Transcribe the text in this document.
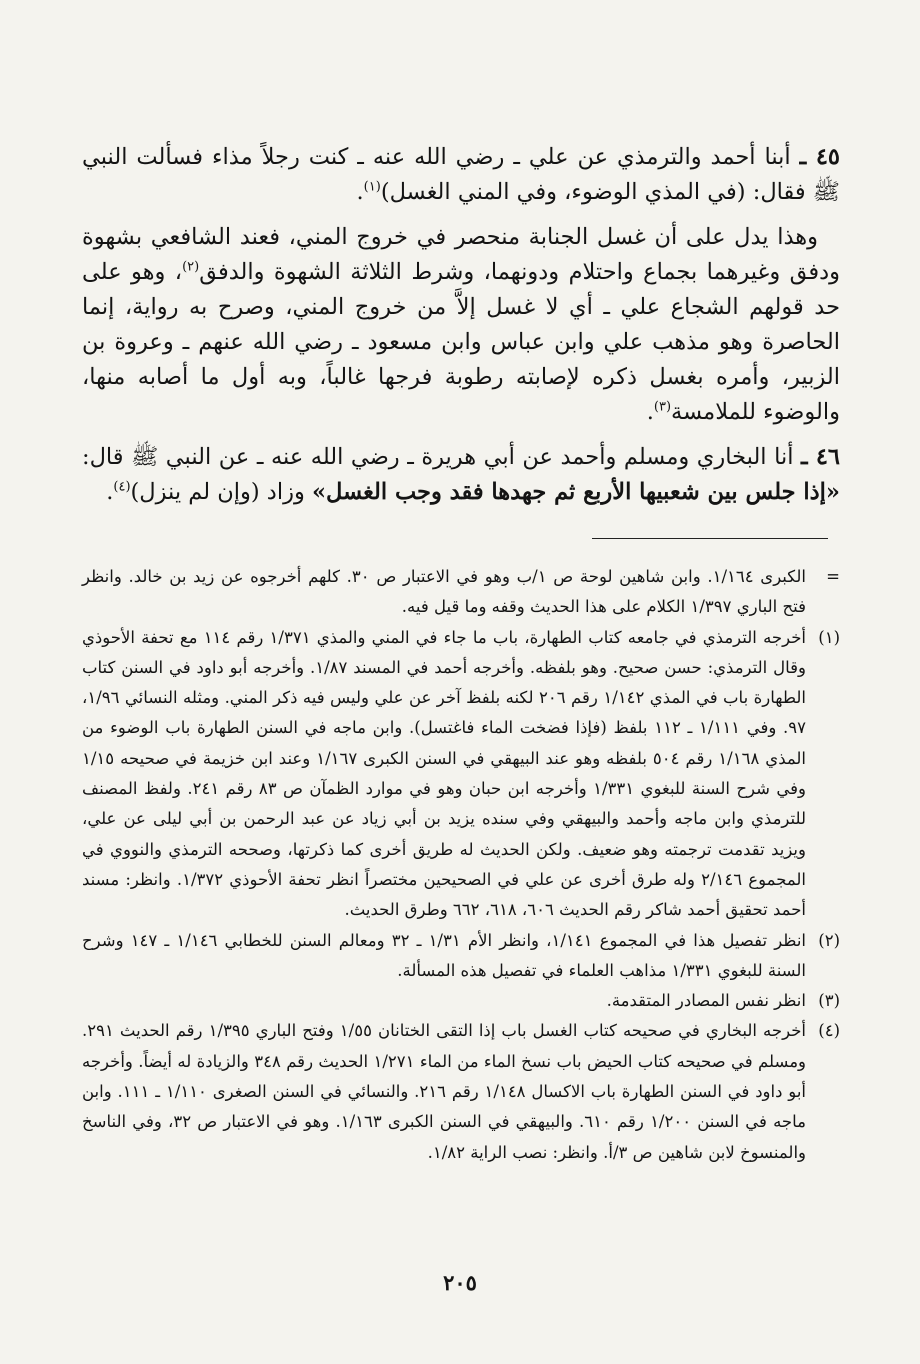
٤٥ ـ أبنا أحمد والترمذي عن علي ـ رضي الله عنه ـ كنت رجلاً مذاء فسألت النبي ﷺ فقال: (في المذي الوضوء، وفي المني الغسل)$^{(١)}$.

وهذا يدل على أن غسل الجنابة منحصر في خروج المني، فعند الشافعي بشهوة ودفق وغيرهما بجماع واحتلام ودونهما، وشرط الثلاثة الشهوة والدفق$^{(٢)}$، وهو على حد قولهم الشجاع علي ـ أي لا غسل إلاَّ من خروج المني، وصرح به رواية، إنما الحاصرة وهو مذهب علي وابن عباس وابن مسعود ـ رضي الله عنهم ـ وعروة بن الزبير، وأمره بغسل ذكره لإصابته رطوبة فرجها غالباً، وبه أول ما أصابه منها، والوضوء للملامسة$^{(٣)}$.

٤٦ ـ أنا البخاري ومسلم وأحمد عن أبي هريرة ـ رضي الله عنه ـ عن النبي ﷺ قال: «إذا جلس بين شعبيها الأربع ثم جهدها فقد وجب الغسل» وزاد (وإن لم ينزل)$^{(٤)}$.

=
الكبرى ١/١٦٤. وابن شاهين لوحة ص ١/ب وهو في الاعتبار ص ٣٠. كلهم أخرجوه عن زيد بن خالد. وانظر فتح الباري ١/٣٩٧ الكلام على هذا الحديث وقفه وما قيل فيه.
(١)
أخرجه الترمذي في جامعه كتاب الطهارة، باب ما جاء في المني والمذي ١/٣٧١ رقم ١١٤ مع تحفة الأحوذي وقال الترمذي: حسن صحيح. وهو بلفظه. وأخرجه أحمد في المسند ١/٨٧. وأخرجه أبو داود في السنن كتاب الطهارة باب في المذي ١/١٤٢ رقم ٢٠٦ لكنه بلفظ آخر عن علي وليس فيه ذكر المني. ومثله النسائي ١/٩٦، ٩٧. وفي ١/١١١ ـ ١١٢ بلفظ (فإذا فضخت الماء فاغتسل). وابن ماجه في السنن الطهارة باب الوضوء من المذي ١/١٦٨ رقم ٥٠٤ بلفظه وهو عند البيهقي في السنن الكبرى ١/١٦٧ وعند ابن خزيمة في صحيحه ١/١٥ وفي شرح السنة للبغوي ١/٣٣١ وأخرجه ابن حبان وهو في موارد الظمآن ص ٨٣ رقم ٢٤١. ولفظ المصنف للترمذي وابن ماجه وأحمد والبيهقي وفي سنده يزيد بن أبي زياد عن عبد الرحمن بن أبي ليلى عن علي، ويزيد تقدمت ترجمته وهو ضعيف. ولكن الحديث له طريق أخرى كما ذكرتها، وصححه الترمذي والنووي في المجموع ٢/١٤٦ وله طرق أخرى عن علي في الصحيحين مختصراً انظر تحفة الأحوذي ١/٣٧٢. وانظر: مسند أحمد تحقيق أحمد شاكر رقم الحديث ٦٠٦، ٦١٨، ٦٦٢ وطرق الحديث.
(٢)
انظر تفصيل هذا في المجموع ١/١٤١، وانظر الأم ١/٣١ ـ ٣٢ ومعالم السنن للخطابي ١/١٤٦ ـ ١٤٧ وشرح السنة للبغوي ١/٣٣١ مذاهب العلماء في تفصيل هذه المسألة.
(٣)
انظر نفس المصادر المتقدمة.
(٤)
أخرجه البخاري في صحيحه كتاب الغسل باب إذا التقى الختانان ١/٥٥ وفتح الباري ١/٣٩٥ رقم الحديث ٢٩١. ومسلم في صحيحه كتاب الحيض باب نسخ الماء من الماء ١/٢٧١ الحديث رقم ٣٤٨ والزيادة له أيضاً. وأخرجه أبو داود في السنن الطهارة باب الاكسال ١/١٤٨ رقم ٢١٦. والنسائي في السنن الصغرى ١/١١٠ ـ ١١١. وابن ماجه في السنن ١/٢٠٠ رقم ٦١٠. والبيهقي في السنن الكبرى ١/١٦٣. وهو في الاعتبار ص ٣٢، وفي الناسخ والمنسوخ لابن شاهين ص ٣/أ. وانظر: نصب الراية ١/٨٢.
٢٠٥
